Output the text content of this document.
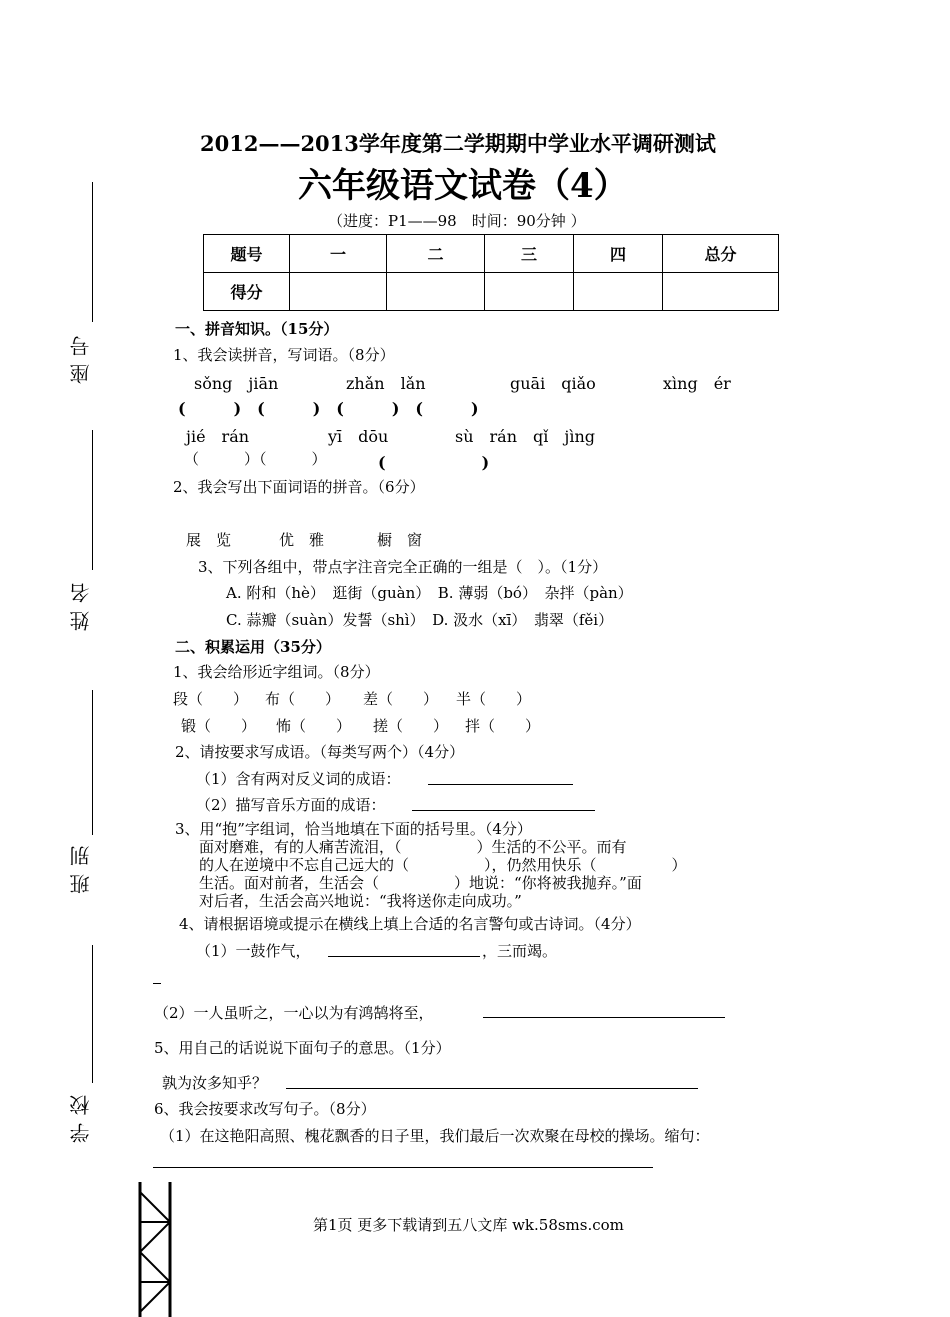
2012——2013学年度第二学期期中学业水平调研测试
六年级语文试卷（4）
（进度：P1——98　时间：90分钟 ）
题号	一	二	三	四	总分
得分					
座号
姓名
班别
学校
一、拼音知识。（15分）
1、我会读拼音，写词语。（8分）
sǒng　jiān	zhǎn　lǎn	guāi　qiǎo	xìng　ér
(　　　)　(　　　)　(　　　)　(　　　)
jié　rán	yī　dōu	sù　rán　qǐ　jìng
（　　　）（　　　）	(　　　　　　)
2、我会写出下面词语的拼音。（6分）
展　览	优　雅	橱　窗
3、下列各组中，带点字注音完全正确的一组是（　）。（1分）
A. 附和（hè）　逛街（guàn）　B. 薄弱（bó）　杂拌（pàn）
C. 蒜瓣（suàn）发誓（shì）　D. 汲水（xī）　翡翠（fěi）
二、积累运用（35分）
1、我会给形近字组词。（8分）
段（　　） 布（　　） 差（　　） 半（　　）
锻（　　） 怖（　　） 搓（　　） 拌（　　）
2、请按要求写成语。（每类写两个）（4分）
（1）含有两对反义词的成语：
（2）描写音乐方面的成语：
3、用“抱”字组词，恰当地填在下面的括号里。（4分）
面对磨难，有的人痛苦流泪，（　　　　　）生活的不公平。而有
的人在逆境中不忘自己远大的（　　　　　），仍然用快乐（　　　　　）
生活。面对前者，生活会（　　　　　）地说：“你将被我抛弃。”面
对后者，生活会高兴地说：“我将送你走向成功。”
4、请根据语境或提示在横线上填上合适的名言警句或古诗词。（4分）
（1）一鼓作气，	，三而竭。
（2）一人虽听之，一心以为有鸿鹄将至，
5、用自己的话说说下面句子的意思。（1分）
孰为汝多知乎？
6、我会按要求改写句子。（8分）
（1）在这艳阳高照、槐花飘香的日子里，我们最后一次欢聚在母校的操场。缩句：
第1页 更多下载请到五八文库 wk.58sms.com
